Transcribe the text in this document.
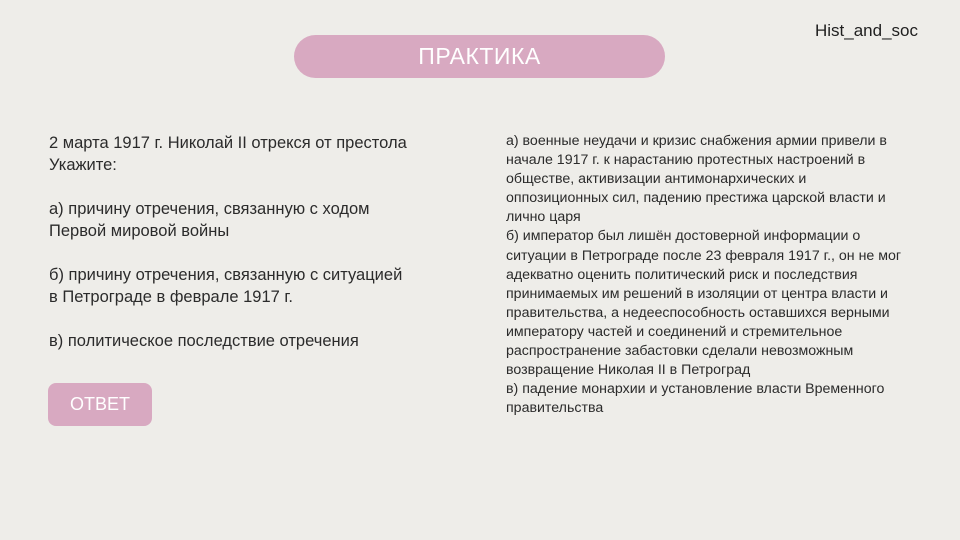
Hist_and_soc
ПРАКТИКА
2 марта 1917 г. Николай II отрекся от престола
Укажите:
а) причину отречения, связанную с ходом
Первой мировой войны
б) причину отречения, связанную с ситуацией
в Петрограде в феврале 1917 г.
в) политическое последствие отречения
ОТВЕТ

а) военные неудачи и кризис снабжения армии привели в начале 1917 г. к нарастанию протестных настроений в обществе, активизации антимонархических и оппозиционных сил, падению престижа царской власти и лично царя

б) император был лишён достоверной информации о ситуации в Петрограде после 23 февраля 1917 г., он не мог адекватно оценить политический риск и последствия принимаемых им решений в изоляции от центра власти и правительства, а недееспособность оставшихся верными императору частей и соединений и стремительное распространение забастовки сделали невозможным возвращение Николая II в Петроград

в) падение монархии и установление власти Временного правительства
